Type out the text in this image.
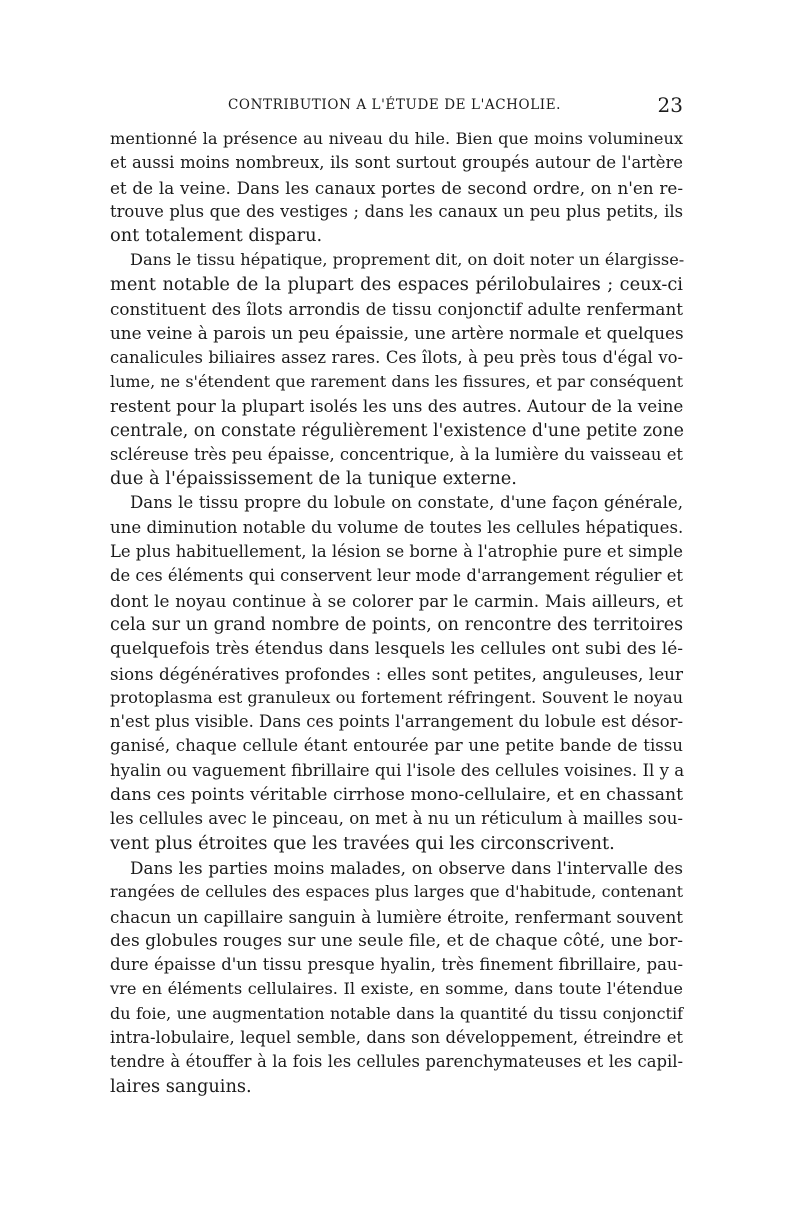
CONTRIBUTION A L'ÉTUDE DE L'ACHOLIE.	23
mentionné la présence au niveau du hile. Bien que moins volumineux
et aussi moins nombreux, ils sont surtout groupés autour de l'artère
et de la veine. Dans les canaux portes de second ordre, on n'en re-
trouve plus que des vestiges ; dans les canaux un peu plus petits, ils
ont totalement disparu.
Dans le tissu hépatique, proprement dit, on doit noter un élargisse-
ment notable de la plupart des espaces périlobulaires ; ceux-ci
constituent des îlots arrondis de tissu conjonctif adulte renfermant
une veine à parois un peu épaissie, une artère normale et quelques
canalicules biliaires assez rares. Ces îlots, à peu près tous d'égal vo-
lume, ne s'étendent que rarement dans les fissures, et par conséquent
restent pour la plupart isolés les uns des autres. Autour de la veine
centrale, on constate régulièrement l'existence d'une petite zone
scléreuse très peu épaisse, concentrique, à la lumière du vaisseau et
due à l'épaississement de la tunique externe.
Dans le tissu propre du lobule on constate, d'une façon générale,
une diminution notable du volume de toutes les cellules hépatiques.
Le plus habituellement, la lésion se borne à l'atrophie pure et simple
de ces éléments qui conservent leur mode d'arrangement régulier et
dont le noyau continue à se colorer par le carmin. Mais ailleurs, et
cela sur un grand nombre de points, on rencontre des territoires
quelquefois très étendus dans lesquels les cellules ont subi des lé-
sions dégénératives profondes : elles sont petites, anguleuses, leur
protoplasma est granuleux ou fortement réfringent. Souvent le noyau
n'est plus visible. Dans ces points l'arrangement du lobule est désor-
ganisé, chaque cellule étant entourée par une petite bande de tissu
hyalin ou vaguement fibrillaire qui l'isole des cellules voisines. Il y a
dans ces points véritable cirrhose mono-cellulaire, et en chassant
les cellules avec le pinceau, on met à nu un réticulum à mailles sou-
vent plus étroites que les travées qui les circonscrivent.
Dans les parties moins malades, on observe dans l'intervalle des
rangées de cellules des espaces plus larges que d'habitude, contenant
chacun un capillaire sanguin à lumière étroite, renfermant souvent
des globules rouges sur une seule file, et de chaque côté, une bor-
dure épaisse d'un tissu presque hyalin, très finement fibrillaire, pau-
vre en éléments cellulaires. Il existe, en somme, dans toute l'étendue
du foie, une augmentation notable dans la quantité du tissu conjonctif
intra-lobulaire, lequel semble, dans son développement, étreindre et
tendre à étouffer à la fois les cellules parenchymateuses et les capil-
laires sanguins.
